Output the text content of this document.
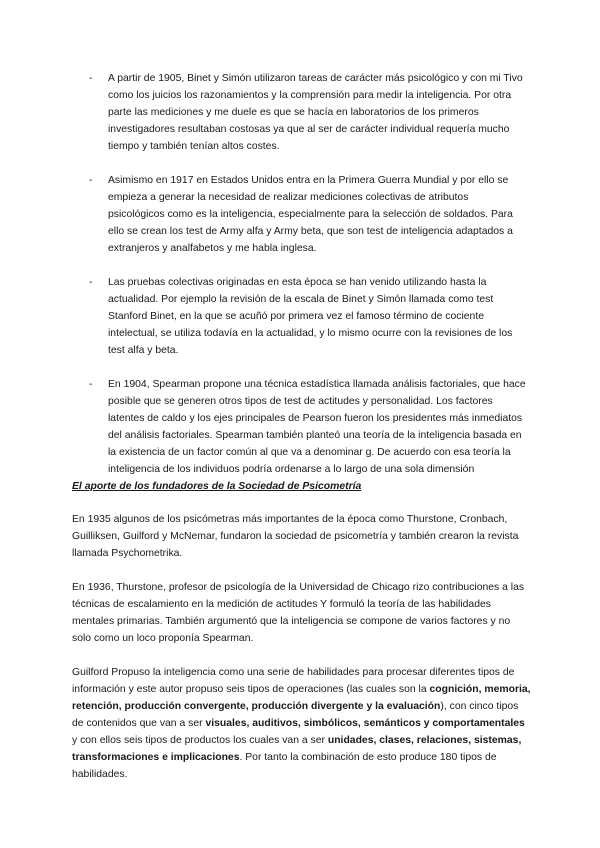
- A partir de 1905, Binet y Simón utilizaron tareas de carácter más psicológico y con mi Tivo como los juicios los razonamientos y la comprensión para medir la inteligencia. Por otra parte las mediciones y me duele es que se hacía en laboratorios de los primeros investigadores resultaban costosas ya que al ser de carácter individual requería mucho tiempo y también tenían altos costes.
- Asimismo en 1917 en Estados Unidos entra en la Primera Guerra Mundial y por ello se empieza a generar la necesidad de realizar mediciones colectivas de atributos psicológicos como es la inteligencia, especialmente para la selección de soldados. Para ello se crean los test de Army alfa y Army beta, que son test de inteligencia adaptados a extranjeros y analfabetos y me habla inglesa.
- Las pruebas colectivas originadas en esta época se han venido utilizando hasta la actualidad. Por ejemplo la revisión de la escala de Binet y Simón llamada como test Stanford Binet, en la que se acuñó por primera vez el famoso término de cociente intelectual, se utiliza todavía en la actualidad, y lo mismo ocurre con la revisiones de los test alfa y beta.
- En 1904, Spearman propone una técnica estadística llamada análisis factoriales, que hace posible que se generen otros tipos de test de actitudes y personalidad. Los factores latentes de caldo y los ejes principales de Pearson fueron los presidentes más inmediatos del análisis factoriales. Spearman también planteó una teoría de la inteligencia basada en la existencia de un factor común al que va a denominar g. De acuerdo con esa teoría la inteligencia de los individuos podría ordenarse a lo largo de una sola dimensión
El aporte de los fundadores de la Sociedad de Psicometría

En 1935 algunos de los psicómetras más importantes de la época como Thurstone, Cronbach, Guilliksen, Guilford y McNemar, fundaron la sociedad de psicometría y también crearon la revista llamada Psychometrika.

En 1936, Thurstone, profesor de psicología de la Universidad de Chicago rizo contribuciones a las técnicas de escalamiento en la medición de actitudes Y formuló la teoría de las habilidades mentales primarias. También argumentó que la inteligencia se compone de varios factores y no solo como un loco proponía Spearman.

Guilford Propuso la inteligencia como una serie de habilidades para procesar diferentes tipos de información y este autor propuso seis tipos de operaciones (las cuales son la cognición, memoria, retención, producción convergente, producción divergente y la evaluación), con cinco tipos de contenidos que van a ser visuales, auditivos, simbólicos, semánticos y comportamentales y con ellos seis tipos de productos los cuales van a ser unidades, clases, relaciones, sistemas, transformaciones e implicaciones. Por tanto la combinación de esto produce 180 tipos de habilidades.
